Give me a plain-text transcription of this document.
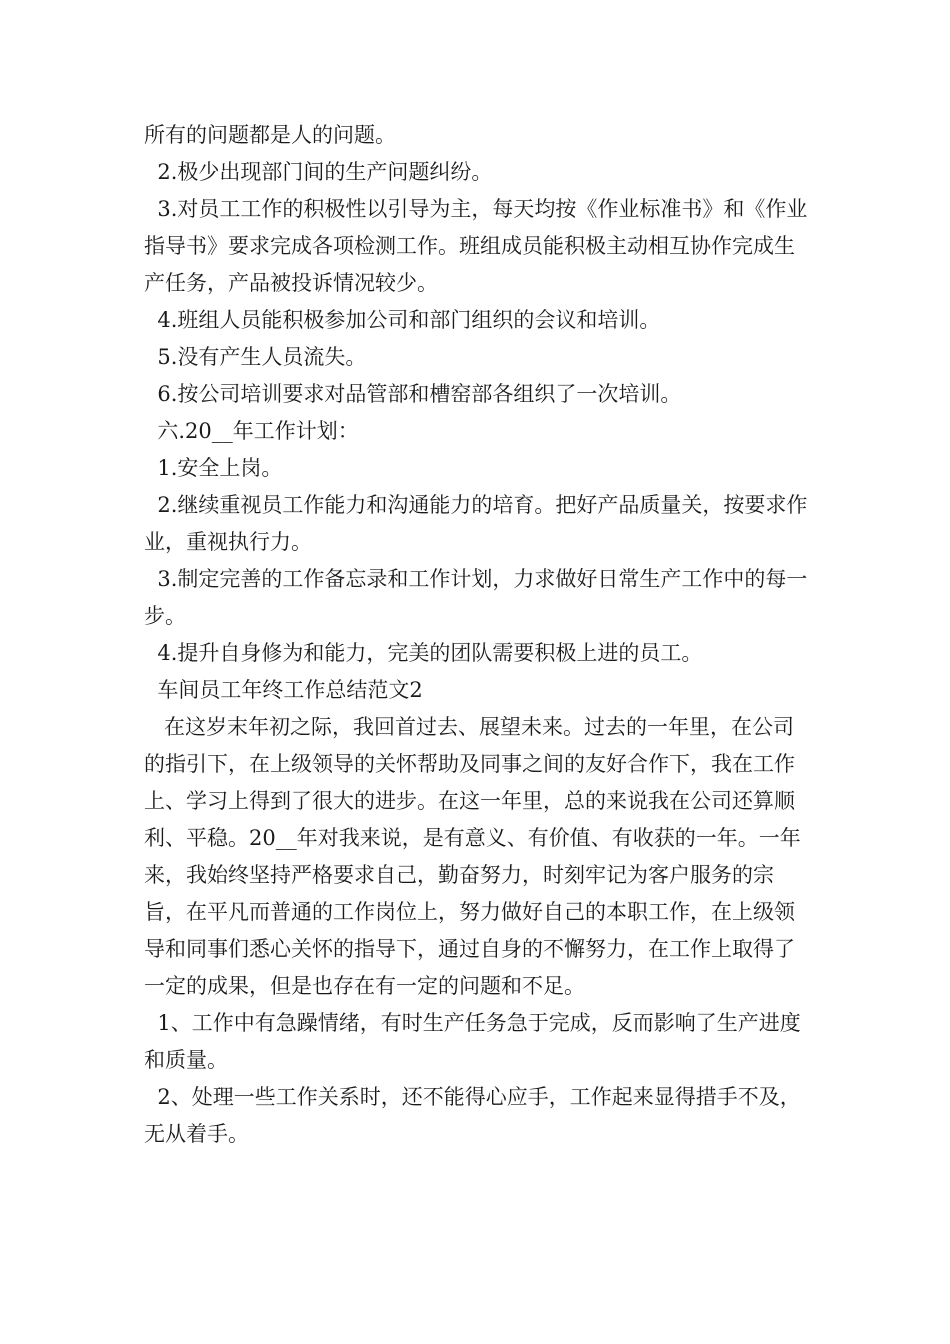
所有的问题都是人的问题。

2.极少出现部门间的生产问题纠纷。

3.对员工工作的积极性以引导为主，每天均按《作业标准书》和《作业指导书》要求完成各项检测工作。班组成员能积极主动相互协作完成生产任务，产品被投诉情况较少。

4.班组人员能积极参加公司和部门组织的会议和培训。

5.没有产生人员流失。

6.按公司培训要求对品管部和槽窑部各组织了一次培训。

六.20__年工作计划：

1.安全上岗。

2.继续重视员工作能力和沟通能力的培育。把好产品质量关，按要求作业，重视执行力。

3.制定完善的工作备忘录和工作计划，力求做好日常生产工作中的每一步。

4.提升自身修为和能力，完美的团队需要积极上进的员工。

车间员工年终工作总结范文2

在这岁末年初之际，我回首过去、展望未来。过去的一年里，在公司的指引下，在上级领导的关怀帮助及同事之间的友好合作下，我在工作上、学习上得到了很大的进步。在这一年里，总的来说我在公司还算顺利、平稳。20__年对我来说，是有意义、有价值、有收获的一年。一年来，我始终坚持严格要求自己，勤奋努力，时刻牢记为客户服务的宗旨，在平凡而普通的工作岗位上，努力做好自己的本职工作，在上级领导和同事们悉心关怀的指导下，通过自身的不懈努力，在工作上取得了一定的成果，但是也存在有一定的问题和不足。

1、工作中有急躁情绪，有时生产任务急于完成，反而影响了生产进度和质量。

2、处理一些工作关系时，还不能得心应手，工作起来显得措手不及，无从着手。
